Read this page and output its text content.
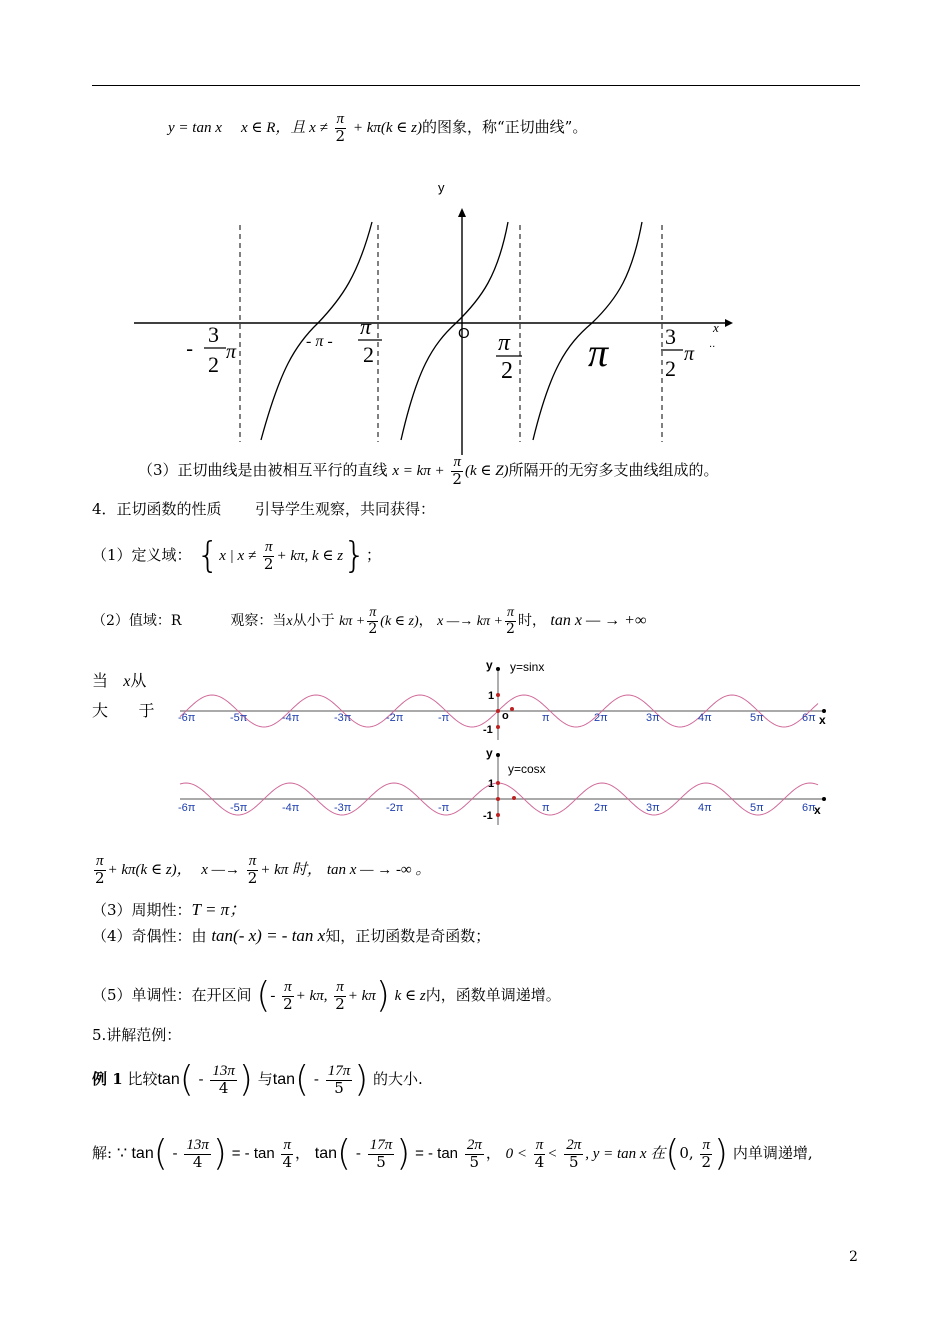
y = tan x x ∈ R，且 $x \ne \frac{\pi}{2} + k\pi(k$ ∈ z)的图象，称“正切曲线”。
y
x
O
-
3
2 π	- π -
π
2	π
2 π	3
2
π ··
（3）正切曲线是由被相互平行的直线 $x = k\pi + \frac{\pi}{2} (k$ ∈ Z)所隔开的无穷多支曲线组成的。
4．正切函数的性质 引导学生观察，共同获得：
（1）定义域： {x | $x \ne \frac{\pi}{2} + k\pi$, k ∈ z}；
（2）值域：R	观察：当x从小于 $k\pi + \frac{\pi}{2} (k$ ∈ z)， x —→ $k\pi + \frac{\pi}{2}$ 时， tan x — → +∞
当 x从
大 于
y y=sinx
1
-1
o	x
-6π	-5π	-4π	-3π	-2π	-π	π	2π	3π	4π	5π	6π
y
y=cosx
1
-1	x
-6π	-5π	-4π	-3π	-2π	-π	π	2π	3π	4π	5π	6π
$\frac{\pi}{2} + k\pi(k$ ∈ z)， x —→ $\frac{\pi}{2} + k\pi$ 时， tan x — → -∞ 。
（3）周期性：T = π；
（4）奇偶性：由 tan(- x) = - tan x知，正切函数是奇函数；
（5）单调性：在开区间 (- $\frac{\pi}{2} + k\pi$, $\frac{\pi}{2} + k\pi$) k ∈ z内，函数单调递增。
5.讲解范例：
例 1 比较$\tan( - \frac{13\pi}{4}$ ) 与$\tan( - \frac{17\pi}{5}$ ) 的大小.
解: ∵ $\tan( - \frac{13\pi}{4}$ ) = - $\tan \frac{\pi}{4}$ ， $\tan( - \frac{17\pi}{5}$ ) = - $\tan \frac{2\pi}{5}$ ， $0 < \frac{\pi}{4} < \frac{2\pi}{5}$ , y = tan x 在(0, $\frac{\pi}{2}$ ) 内单调递增,
2
